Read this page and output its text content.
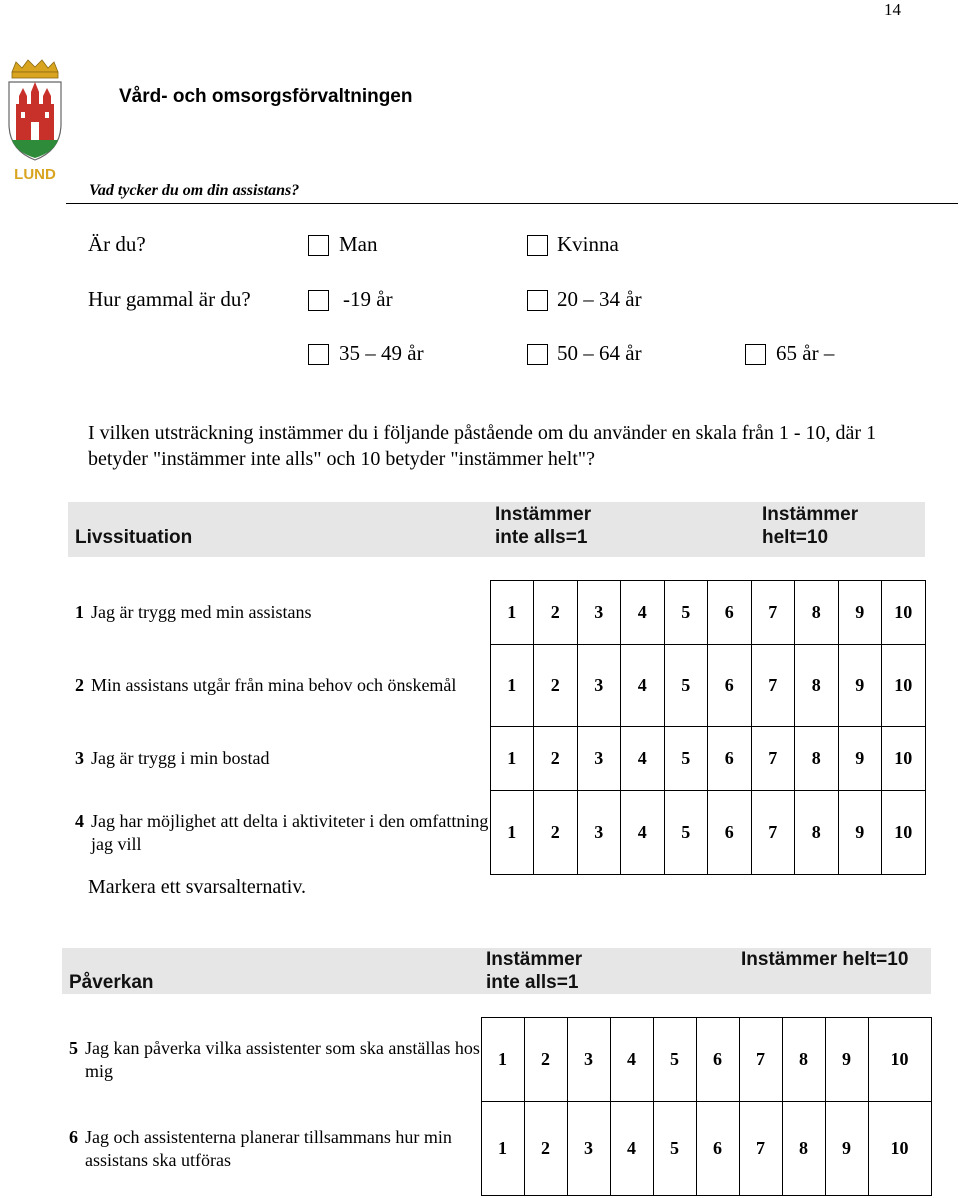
14
LUND
Vård- och omsorgsförvaltningen
Vad tycker du om din assistans?
Är du?	Man	Kvinna
Hur gammal är du?	-19 år	20 – 34 år
35 – 49 år	50 – 64 år	65 år –
I vilken utsträckning instämmer du i följande påstående om du använder en skala från 1 - 10, där 1 betyder "instämmer inte alls" och 10 betyder "instämmer helt"?
Livssituation
Instämmer
inte alls=1
Instämmer
helt=10
1 Jag är trygg med min assistans	1	2	3	4	5	6	7	8	9	10

2 Min assistans utgår från mina behov och önskemål	1	2	3	4	5	6	7	8	9	10

3 Jag är trygg i min bostad	1	2	3	4	5	6	7	8	9	10

4 Jag har möjlighet att delta i aktiviteter i den omfattning jag vill	1	2	3	4	5	6	7	8	9	10
Markera ett svarsalternativ.
Påverkan
Instämmer
inte alls=1
Instämmer helt=10
5 Jag kan påverka vilka assistenter som ska anställas hos mig	1	2	3	4	5	6	7	8	9	10

6 Jag och assistenterna planerar tillsammans hur min assistans ska utföras	1	2	3	4	5	6	7	8	9	10
